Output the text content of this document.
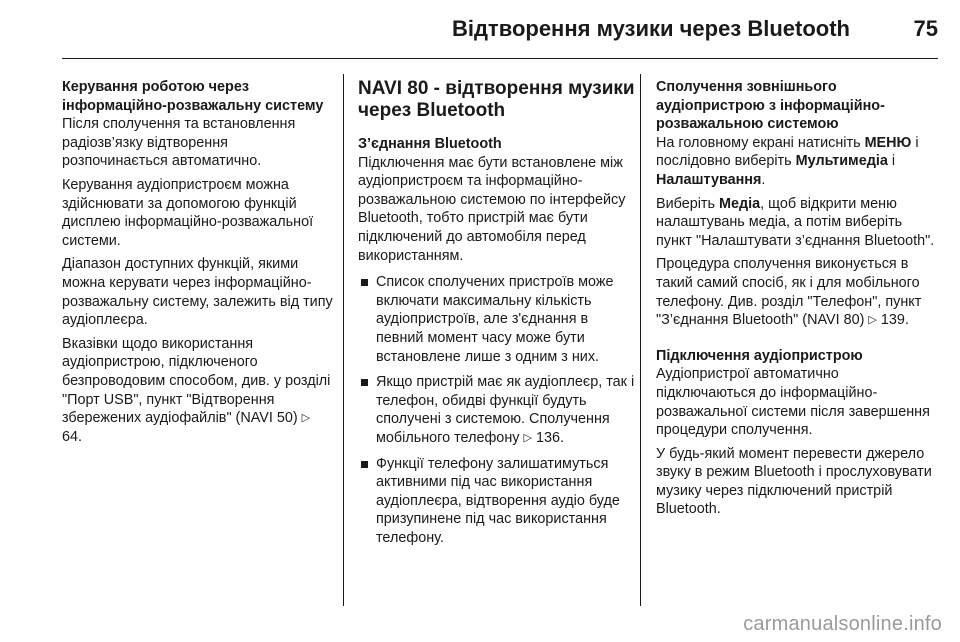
Відтворення музики через Bluetooth	75
Керування роботою через інформаційно-розважальну систему
Після сполучення та встановлення радіозв’язку відтворення розпочинається автоматично.
Керування аудіопристроєм можна здійснювати за допомогою функцій дисплею інформаційно-розважальної системи.
Діапазон доступних функцій, якими можна керувати через інформаційно-розважальну систему, залежить від типу аудіоплеєра.
Вказівки щодо використання аудіопристрою, підключеного безпроводовим способом, див. у розділі "Порт USB", пункт "Відтворення збережених аудіофайлів" (NAVI 50) ▷ 64.
NAVI 80 - відтворення музики через Bluetooth
З’єднання Bluetooth
Підключення має бути встановлене між аудіопристроєм та інформаційно-розважальною системою по інтерфейсу Bluetooth, тобто пристрій має бути підключений до автомобіля перед використанням.
Список сполучених пристроїв може включати максимальну кількість аудіопристроїв, але з'єднання в певний момент часу може бути встановлене лише з одним з них.
Якщо пристрій має як аудіоплеєр, так і телефон, обидві функції будуть сполучені з системою. Сполучення мобільного телефону ▷ 136.
Функції телефону залишатимуться активними під час використання аудіоплеєра, відтворення аудіо буде призупинене під час використання телефону.
Сполучення зовнішнього аудіопристрою з інформаційно-розважальною системою
На головному екрані натисніть МЕНЮ і послідовно виберіть Мультимедіа і Налаштування.
Виберіть Медіа, щоб відкрити меню налаштувань медіа, а потім виберіть пункт "Налаштувати з’єднання Bluetooth".
Процедура сполучення виконується в такий самий спосіб, як і для мобільного телефону. Див. розділ "Телефон", пункт "З’єднання Bluetooth" (NAVI 80) ▷ 139.
Підключення аудіопристрою
Аудіопристрої автоматично підключаються до інформаційно-розважальної системи після завершення процедури сполучення.
У будь-який момент перевести джерело звуку в режим Bluetooth і прослуховувати музику через підключений пристрій Bluetooth.
carmanualsonline.info
